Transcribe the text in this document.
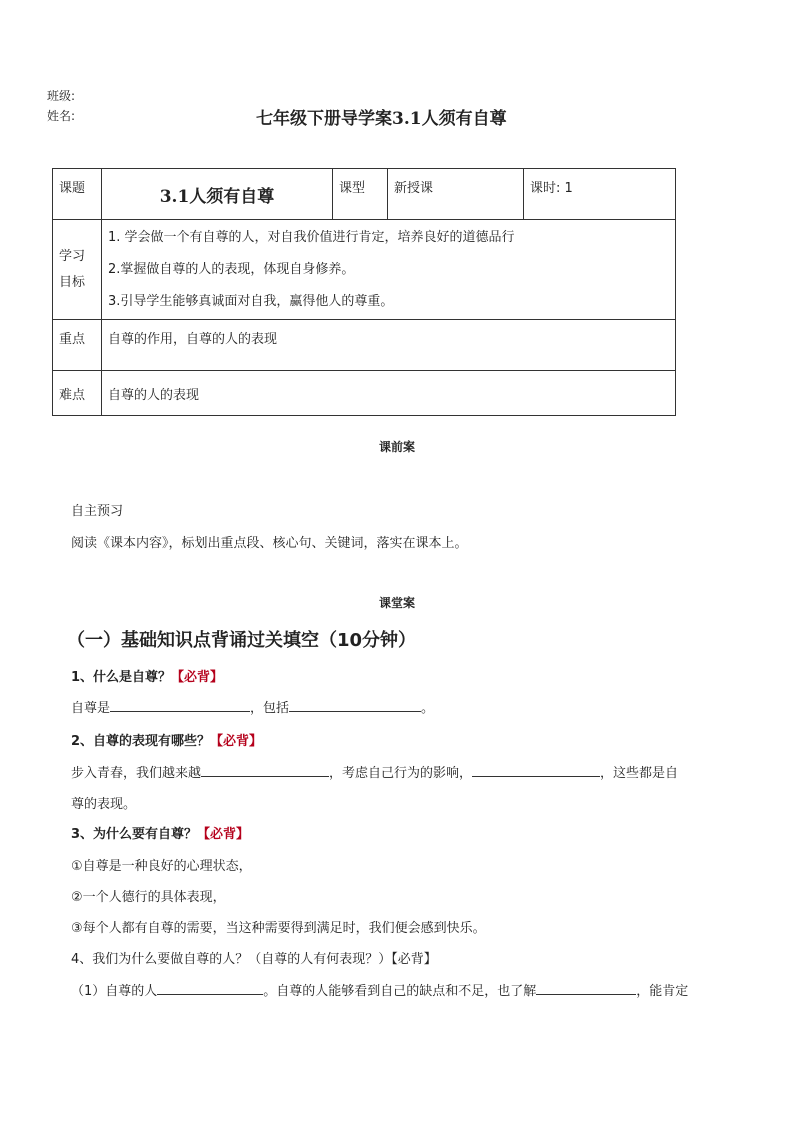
班级:
姓名:	七年级下册导学案3.1人须有自尊
课题	3.1人须有自尊	课型	新授课	课时: 1
学习目标	1. 学会做一个有自尊的人，对自我价值进行肯定，培养良好的道德品行
2.掌握做自尊的人的表现，体现自身修养。
3.引导学生能够真诚面对自我，赢得他人的尊重。			

重点	自尊的作用，自尊的人的表现			
难点	自尊的人的表现			
课前案
自主预习
阅读《课本内容》，标划出重点段、核心句、关键词，落实在课本上。
课堂案
（一）基础知识点背诵过关填空（10分钟）
1、什么是自尊？【必背】
自尊是	，包括	。
2、自尊的表现有哪些？【必背】
步入青春，我们越来越	，考虑自己行为的影响，	，这些都是自
尊的表现。
3、为什么要有自尊？【必背】
①自尊是一种良好的心理状态，
②一个人德行的具体表现，
③每个人都有自尊的需要，当这种需要得到满足时，我们便会感到快乐。
4、我们为什么要做自尊的人？（自尊的人有何表现？）【必背】
（1）自尊的人	。自尊的人能够看到自己的缺点和不足，也了解	，能肯定
